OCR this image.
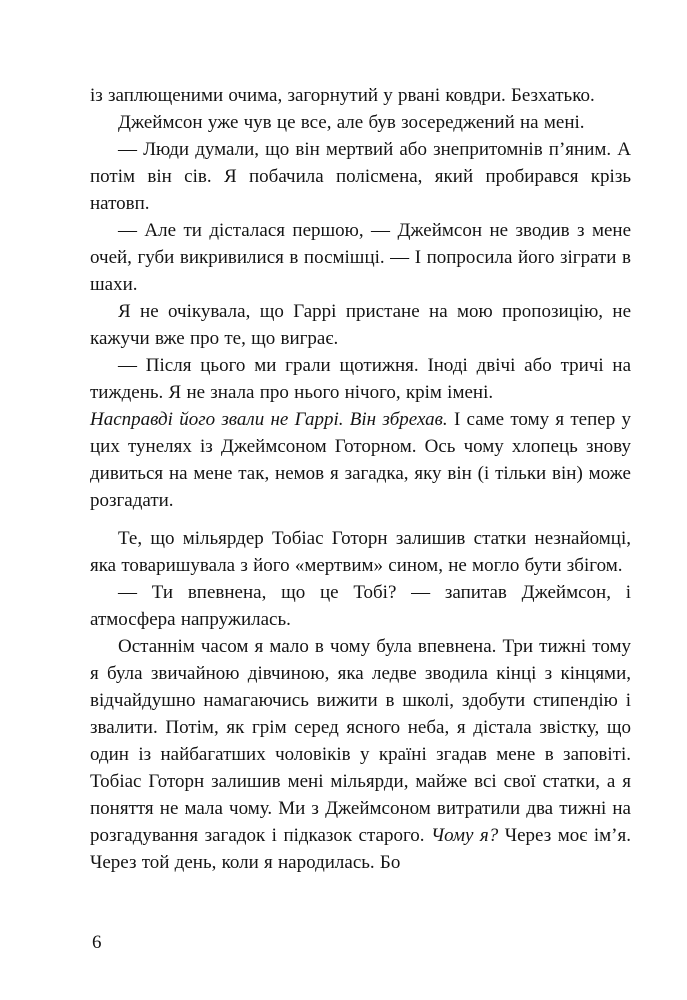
із заплющеними очима, загорнутий у рвані ковдри. Безхатько.

Джеймсон уже чув це все, але був зосереджений на мені.

— Люди думали, що він мертвий або знепритомнів п’яним. А потім він сів. Я побачила полісмена, який пробирався крізь натовп.

— Але ти дісталася першою, — Джеймсон не зводив з мене очей, губи викривилися в посмішці. — І попросила його зіграти в шахи.

Я не очікувала, що Гаррі пристане на мою пропозицію, не кажучи вже про те, що виграє.

— Після цього ми грали щотижня. Іноді двічі або тричі на тиждень. Я не знала про нього нічого, крім імені.

Насправді його звали не Гаррі. Він збрехав. І саме тому я тепер у цих тунелях із Джеймсоном Готорном. Ось чому хлопець знову дивиться на мене так, немов я загадка, яку він (і тільки він) може розгадати.

Те, що мільярдер Тобіас Готорн залишив статки незнайомці, яка товаришувала з його «мертвим» сином, не могло бути збігом.

— Ти впевнена, що це Тобі? — запитав Джеймсон, і атмосфера напружилась.

Останнім часом я мало в чому була впевнена. Три тижні тому я була звичайною дівчиною, яка ледве зводила кінці з кінцями, відчайдушно намагаючись вижити в школі, здобути стипендію і звалити. Потім, як грім серед ясного неба, я дістала звістку, що один із найбагатших чоловіків у країні згадав мене в заповіті. Тобіас Готорн залишив мені мільярди, майже всі свої статки, а я поняття не мала чому. Ми з Джеймсоном витратили два тижні на розгадування загадок і підказок старого. Чому я? Через моє ім’я. Через той день, коли я народилась. Бо

6
